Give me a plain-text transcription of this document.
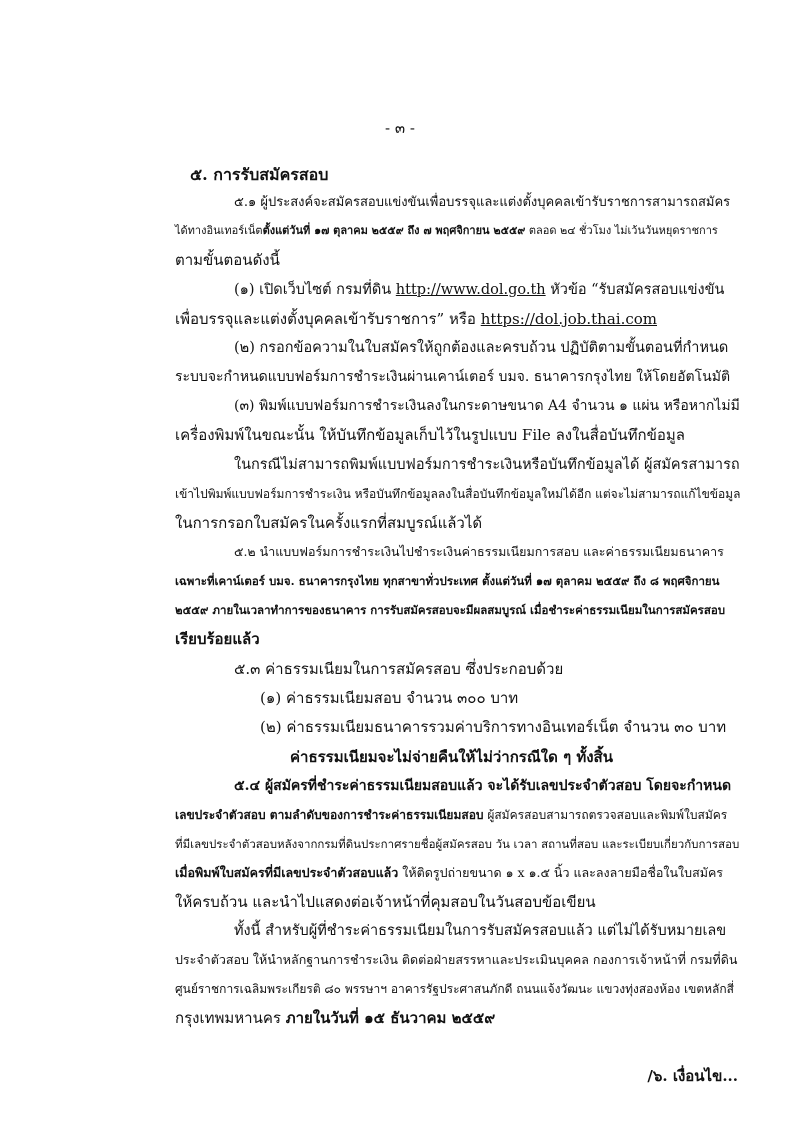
- ๓ -

๕. การรับสมัครสอบ

๕.๑ ผู้ประสงค์จะสมัครสอบแข่งขันเพื่อบรรจุและแต่งตั้งบุคคลเข้ารับราชการสามารถสมัคร

ได้ทางอินเทอร์เน็ตตั้งแต่วันที่ ๑๗ ตุลาคม ๒๕๕๙ ถึง ๗ พฤศจิกายน ๒๕๕๙ ตลอด ๒๔ ชั่วโมง ไม่เว้นวันหยุดราชการ

ตามขั้นตอนดังนี้

(๑) เปิดเว็บไซต์ กรมที่ดิน http://www.dol.go.th หัวข้อ “รับสมัครสอบแข่งขัน

เพื่อบรรจุและแต่งตั้งบุคคลเข้ารับราชการ” หรือ https://dol.job.thai.com

(๒) กรอกข้อความในใบสมัครให้ถูกต้องและครบถ้วน ปฏิบัติตามขั้นตอนที่กำหนด

ระบบจะกำหนดแบบฟอร์มการชำระเงินผ่านเคาน์เตอร์ บมจ. ธนาคารกรุงไทย ให้โดยอัตโนมัติ

(๓) พิมพ์แบบฟอร์มการชำระเงินลงในกระดาษขนาด A4 จำนวน ๑ แผ่น หรือหากไม่มี

เครื่องพิมพ์ในขณะนั้น ให้บันทึกข้อมูลเก็บไว้ในรูปแบบ File ลงในสื่อบันทึกข้อมูล

ในกรณีไม่สามารถพิมพ์แบบฟอร์มการชำระเงินหรือบันทึกข้อมูลได้ ผู้สมัครสามารถ

เข้าไปพิมพ์แบบฟอร์มการชำระเงิน หรือบันทึกข้อมูลลงในสื่อบันทึกข้อมูลใหม่ได้อีก แต่จะไม่สามารถแก้ไขข้อมูล

ในการกรอกใบสมัครในครั้งแรกที่สมบูรณ์แล้วได้

๕.๒ นำแบบฟอร์มการชำระเงินไปชำระเงินค่าธรรมเนียมการสอบ และค่าธรรมเนียมธนาคาร

เฉพาะที่เคาน์เตอร์ บมจ. ธนาคารกรุงไทย ทุกสาขาทั่วประเทศ ตั้งแต่วันที่ ๑๗ ตุลาคม ๒๕๕๙ ถึง ๘ พฤศจิกายน

๒๕๕๙ ภายในเวลาทำการของธนาคาร การรับสมัครสอบจะมีผลสมบูรณ์ เมื่อชำระค่าธรรมเนียมในการสมัครสอบ

เรียบร้อยแล้ว

๕.๓ ค่าธรรมเนียมในการสมัครสอบ ซึ่งประกอบด้วย

(๑) ค่าธรรมเนียมสอบ จำนวน ๓๐๐ บาท

(๒) ค่าธรรมเนียมธนาคารรวมค่าบริการทางอินเทอร์เน็ต จำนวน ๓๐ บาท

ค่าธรรมเนียมจะไม่จ่ายคืนให้ไม่ว่ากรณีใด ๆ ทั้งสิ้น

๕.๔ ผู้สมัครที่ชำระค่าธรรมเนียมสอบแล้ว จะได้รับเลขประจำตัวสอบ โดยจะกำหนด

เลขประจำตัวสอบ ตามลำดับของการชำระค่าธรรมเนียมสอบ ผู้สมัครสอบสามารถตรวจสอบและพิมพ์ใบสมัคร

ที่มีเลขประจำตัวสอบหลังจากกรมที่ดินประกาศรายชื่อผู้สมัครสอบ วัน เวลา สถานที่สอบ และระเบียบเกี่ยวกับการสอบ

เมื่อพิมพ์ใบสมัครที่มีเลขประจำตัวสอบแล้ว ให้ติดรูปถ่ายขนาด ๑ x ๑.๕ นิ้ว และลงลายมือชื่อในใบสมัคร

ให้ครบถ้วน และนำไปแสดงต่อเจ้าหน้าที่คุมสอบในวันสอบข้อเขียน

ทั้งนี้ สำหรับผู้ที่ชำระค่าธรรมเนียมในการรับสมัครสอบแล้ว แต่ไม่ได้รับหมายเลข

ประจำตัวสอบ ให้นำหลักฐานการชำระเงิน ติดต่อฝ่ายสรรหาและประเมินบุคคล กองการเจ้าหน้าที่ กรมที่ดิน

ศูนย์ราชการเฉลิมพระเกียรติ ๘๐ พรรษาฯ อาคารรัฐประศาสนภักดี ถนนแจ้งวัฒนะ แขวงทุ่งสองห้อง เขตหลักสี่

กรุงเทพมหานคร ภายในวันที่ ๑๕ ธันวาคม ๒๕๕๙

/๖. เงื่อนไข...
